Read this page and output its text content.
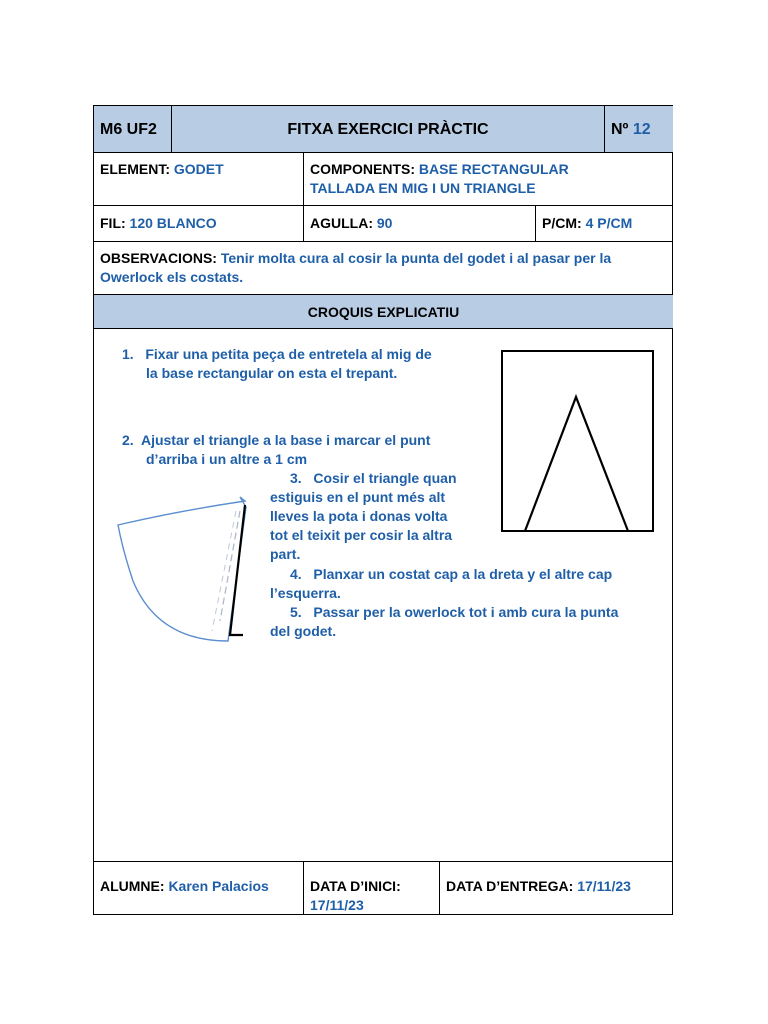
M6 UF2	FITXA EXERCICI PRÀCTIC	Nº 12
ELEMENT: GODET	COMPONENTS: BASE RECTANGULAR
TALLADA EN MIG I UN TRIANGLE
FIL: 120 BLANCO	AGULLA: 90	P/CM: 4 P/CM
OBSERVACIONS: Tenir molta cura al cosir la punta del godet i al pasar per la Owerlock els costats.
CROQUIS EXPLICATIU
1. Fixar una petita peça de entretela al mig de
la base rectangular on esta el trepant.
2. Ajustar el triangle a la base i marcar el punt
d’arriba i un altre a 1 cm
3. Cosir el triangle quan
estiguis en el punt més alt
lleves la pota i donas volta
tot el teixit per cosir la altra
part.
4. Planxar un costat cap a la dreta y el altre cap
l’esquerra.
5. Passar per la owerlock tot i amb cura la punta
del godet.
ALUMNE: Karen Palacios	DATA D’INICI:
17/11/23
DATA D’ENTREGA: 17/11/23
